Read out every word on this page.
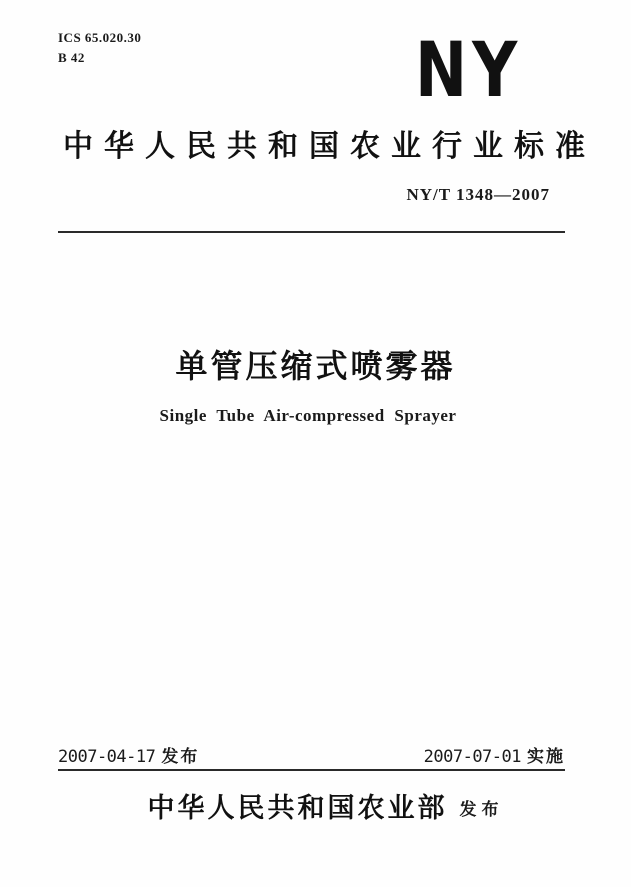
ICS 65.020.30
B 42	NY
中华人民共和国农业行业标准
NY/T 1348—2007
单管压缩式喷雾器
Single Tube Air-compressed Sprayer
2007-04-17 发布	2007-07-01 实施
中华人民共和国农业部 发布
